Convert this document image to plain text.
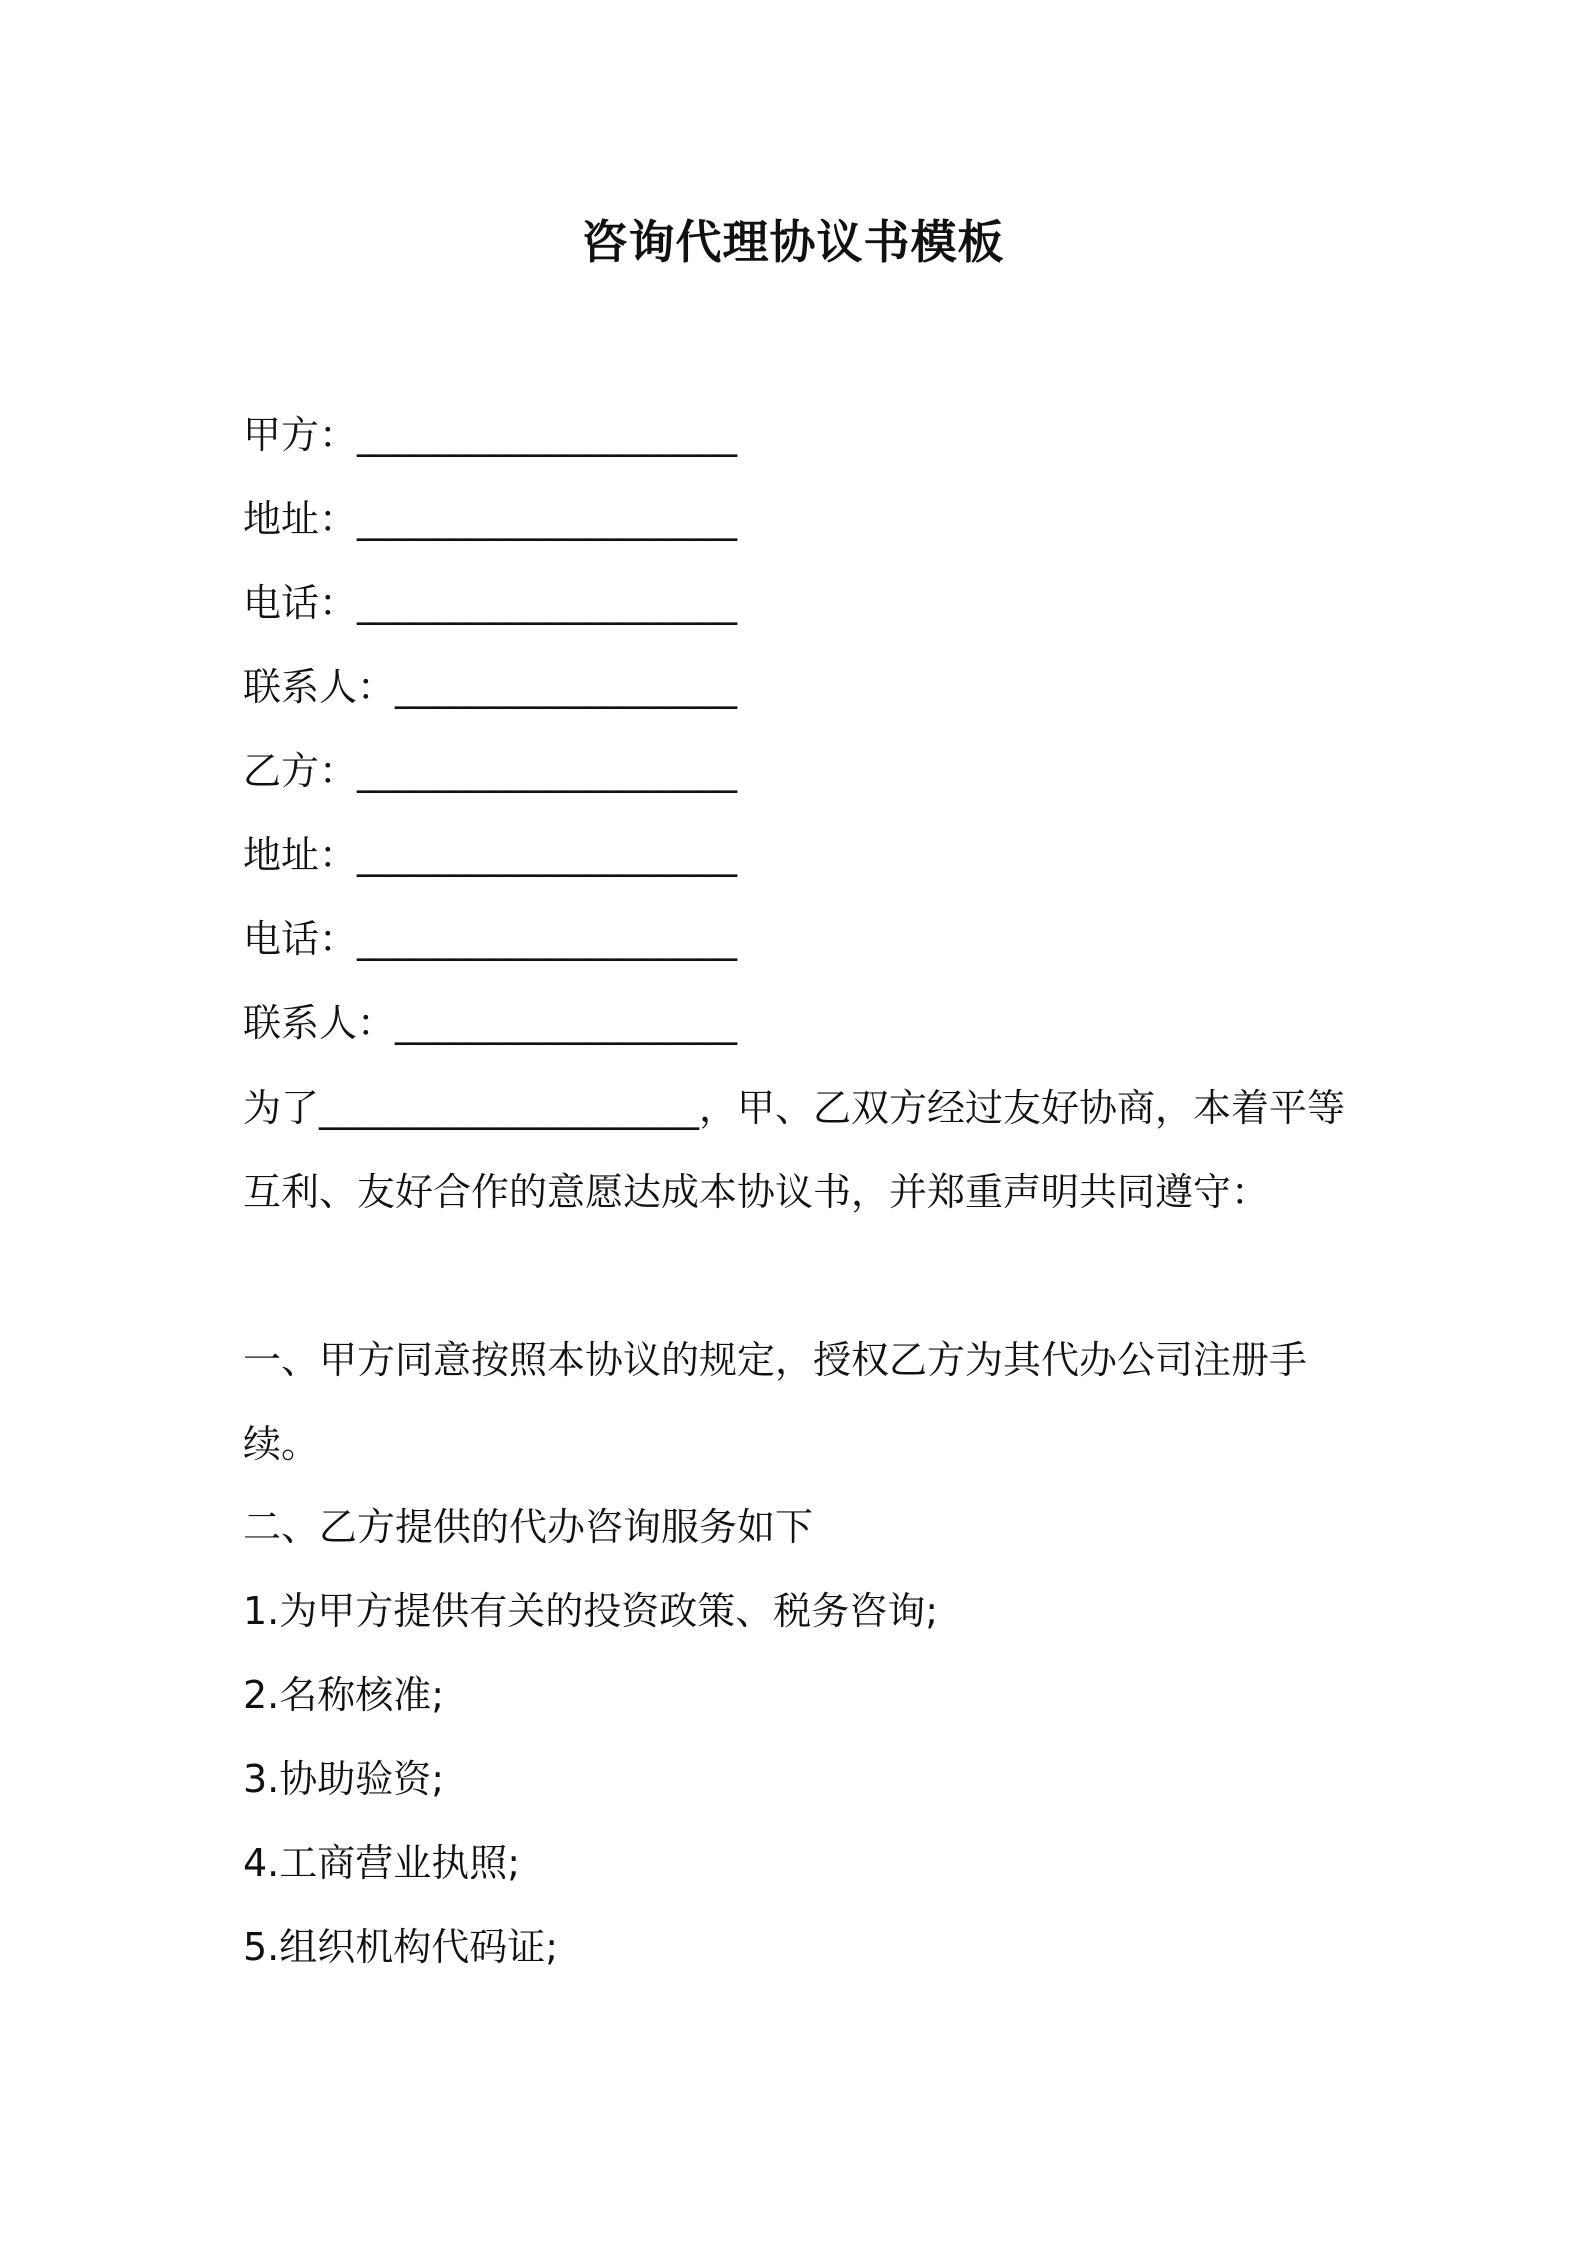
咨询代理协议书模板

甲方：____________________

地址：____________________

电话：____________________

联系人：__________________

乙方：____________________

地址：____________________

电话：____________________

联系人：__________________

为了____________________，甲、乙双方经过友好协商，本着平等互利、友好合作的意愿达成本协议书，并郑重声明共同遵守：

一、甲方同意按照本协议的规定，授权乙方为其代办公司注册手续。

二、乙方提供的代办咨询服务如下

1.为甲方提供有关的投资政策、税务咨询;

2.名称核准;

3.协助验资;

4.工商营业执照;

5.组织机构代码证;
